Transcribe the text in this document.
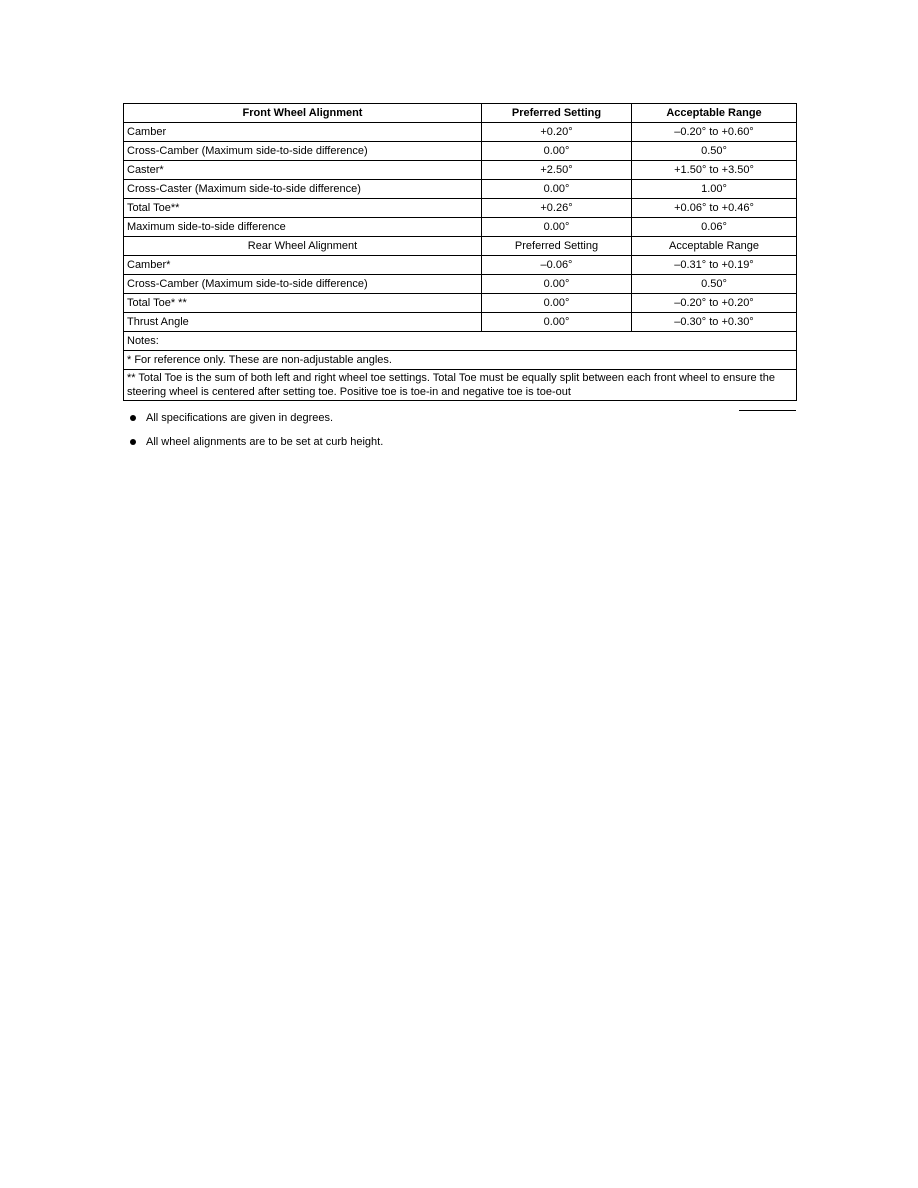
Front Wheel Alignment	Preferred Setting	Acceptable Range
Camber	+0.20°	–0.20° to +0.60°
Cross-Camber (Maximum side-to-side difference)	0.00°	0.50°
Caster*	+2.50°	+1.50° to +3.50°
Cross-Caster (Maximum side-to-side difference)	0.00°	1.00°
Total Toe**	+0.26°	+0.06° to +0.46°
Maximum side-to-side difference	0.00°	0.06°
Rear Wheel Alignment	Preferred Setting	Acceptable Range
Camber*	–0.06°	–0.31° to +0.19°
Cross-Camber (Maximum side-to-side difference)	0.00°	0.50°
Total Toe* **	0.00°	–0.20° to +0.20°
Thrust Angle	0.00°	–0.30° to +0.30°
Notes:		
* For reference only. These are non-adjustable angles.		
** Total Toe is the sum of both left and right wheel toe settings. Total Toe must be equally split between each front wheel to ensure the steering wheel is centered after setting toe. Positive toe is toe-in and negative toe is toe-out		
All specifications are given in degrees.
All wheel alignments are to be set at curb height.
